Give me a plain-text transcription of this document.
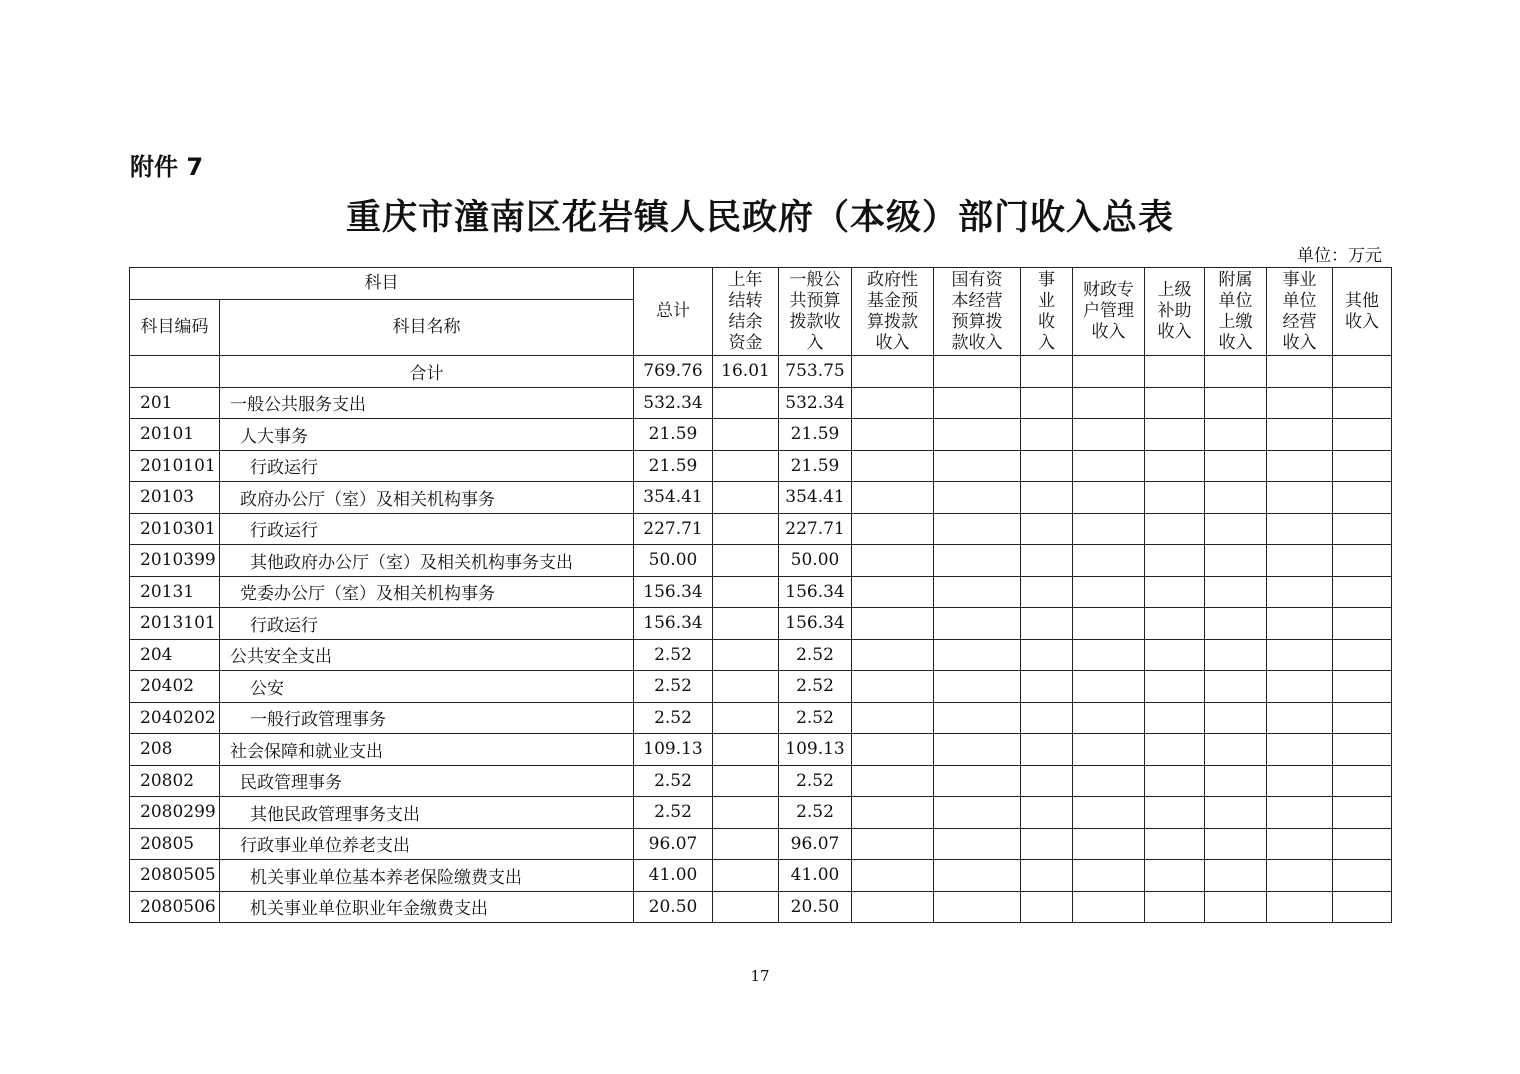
附件 7
重庆市潼南区花岩镇人民政府（本级）部门收入总表
单位：万元
科目		总计	上年
结转
结余
资金	一般公
共预算
拨款收
入	政府性
基金预
算拨款
收入	国有资
本经营
预算拨
款收入	事
业
收
入	财政专
户管理
收入	上级
补助
收入	附属
单位
上缴
收入	事业
单位
经营
收入	其他
收入
科目编码	科目名称											
	合计	769.76	16.01	753.75								
201	一般公共服务支出	532.34		532.34								
20101	人大事务	21.59		21.59								
2010101	行政运行	21.59		21.59								
20103	政府办公厅（室）及相关机构事务	354.41		354.41								
2010301	行政运行	227.71		227.71								
2010399	其他政府办公厅（室）及相关机构事务支出	50.00		50.00								
20131	党委办公厅（室）及相关机构事务	156.34		156.34								
2013101	行政运行	156.34		156.34								
204	公共安全支出	2.52		2.52								
20402	公安	2.52		2.52								
2040202	一般行政管理事务	2.52		2.52								
208	社会保障和就业支出	109.13		109.13								
20802	民政管理事务	2.52		2.52								
2080299	其他民政管理事务支出	2.52		2.52								
20805	行政事业单位养老支出	96.07		96.07								
2080505	机关事业单位基本养老保险缴费支出	41.00		41.00								
2080506	机关事业单位职业年金缴费支出	20.50		20.50								
17
